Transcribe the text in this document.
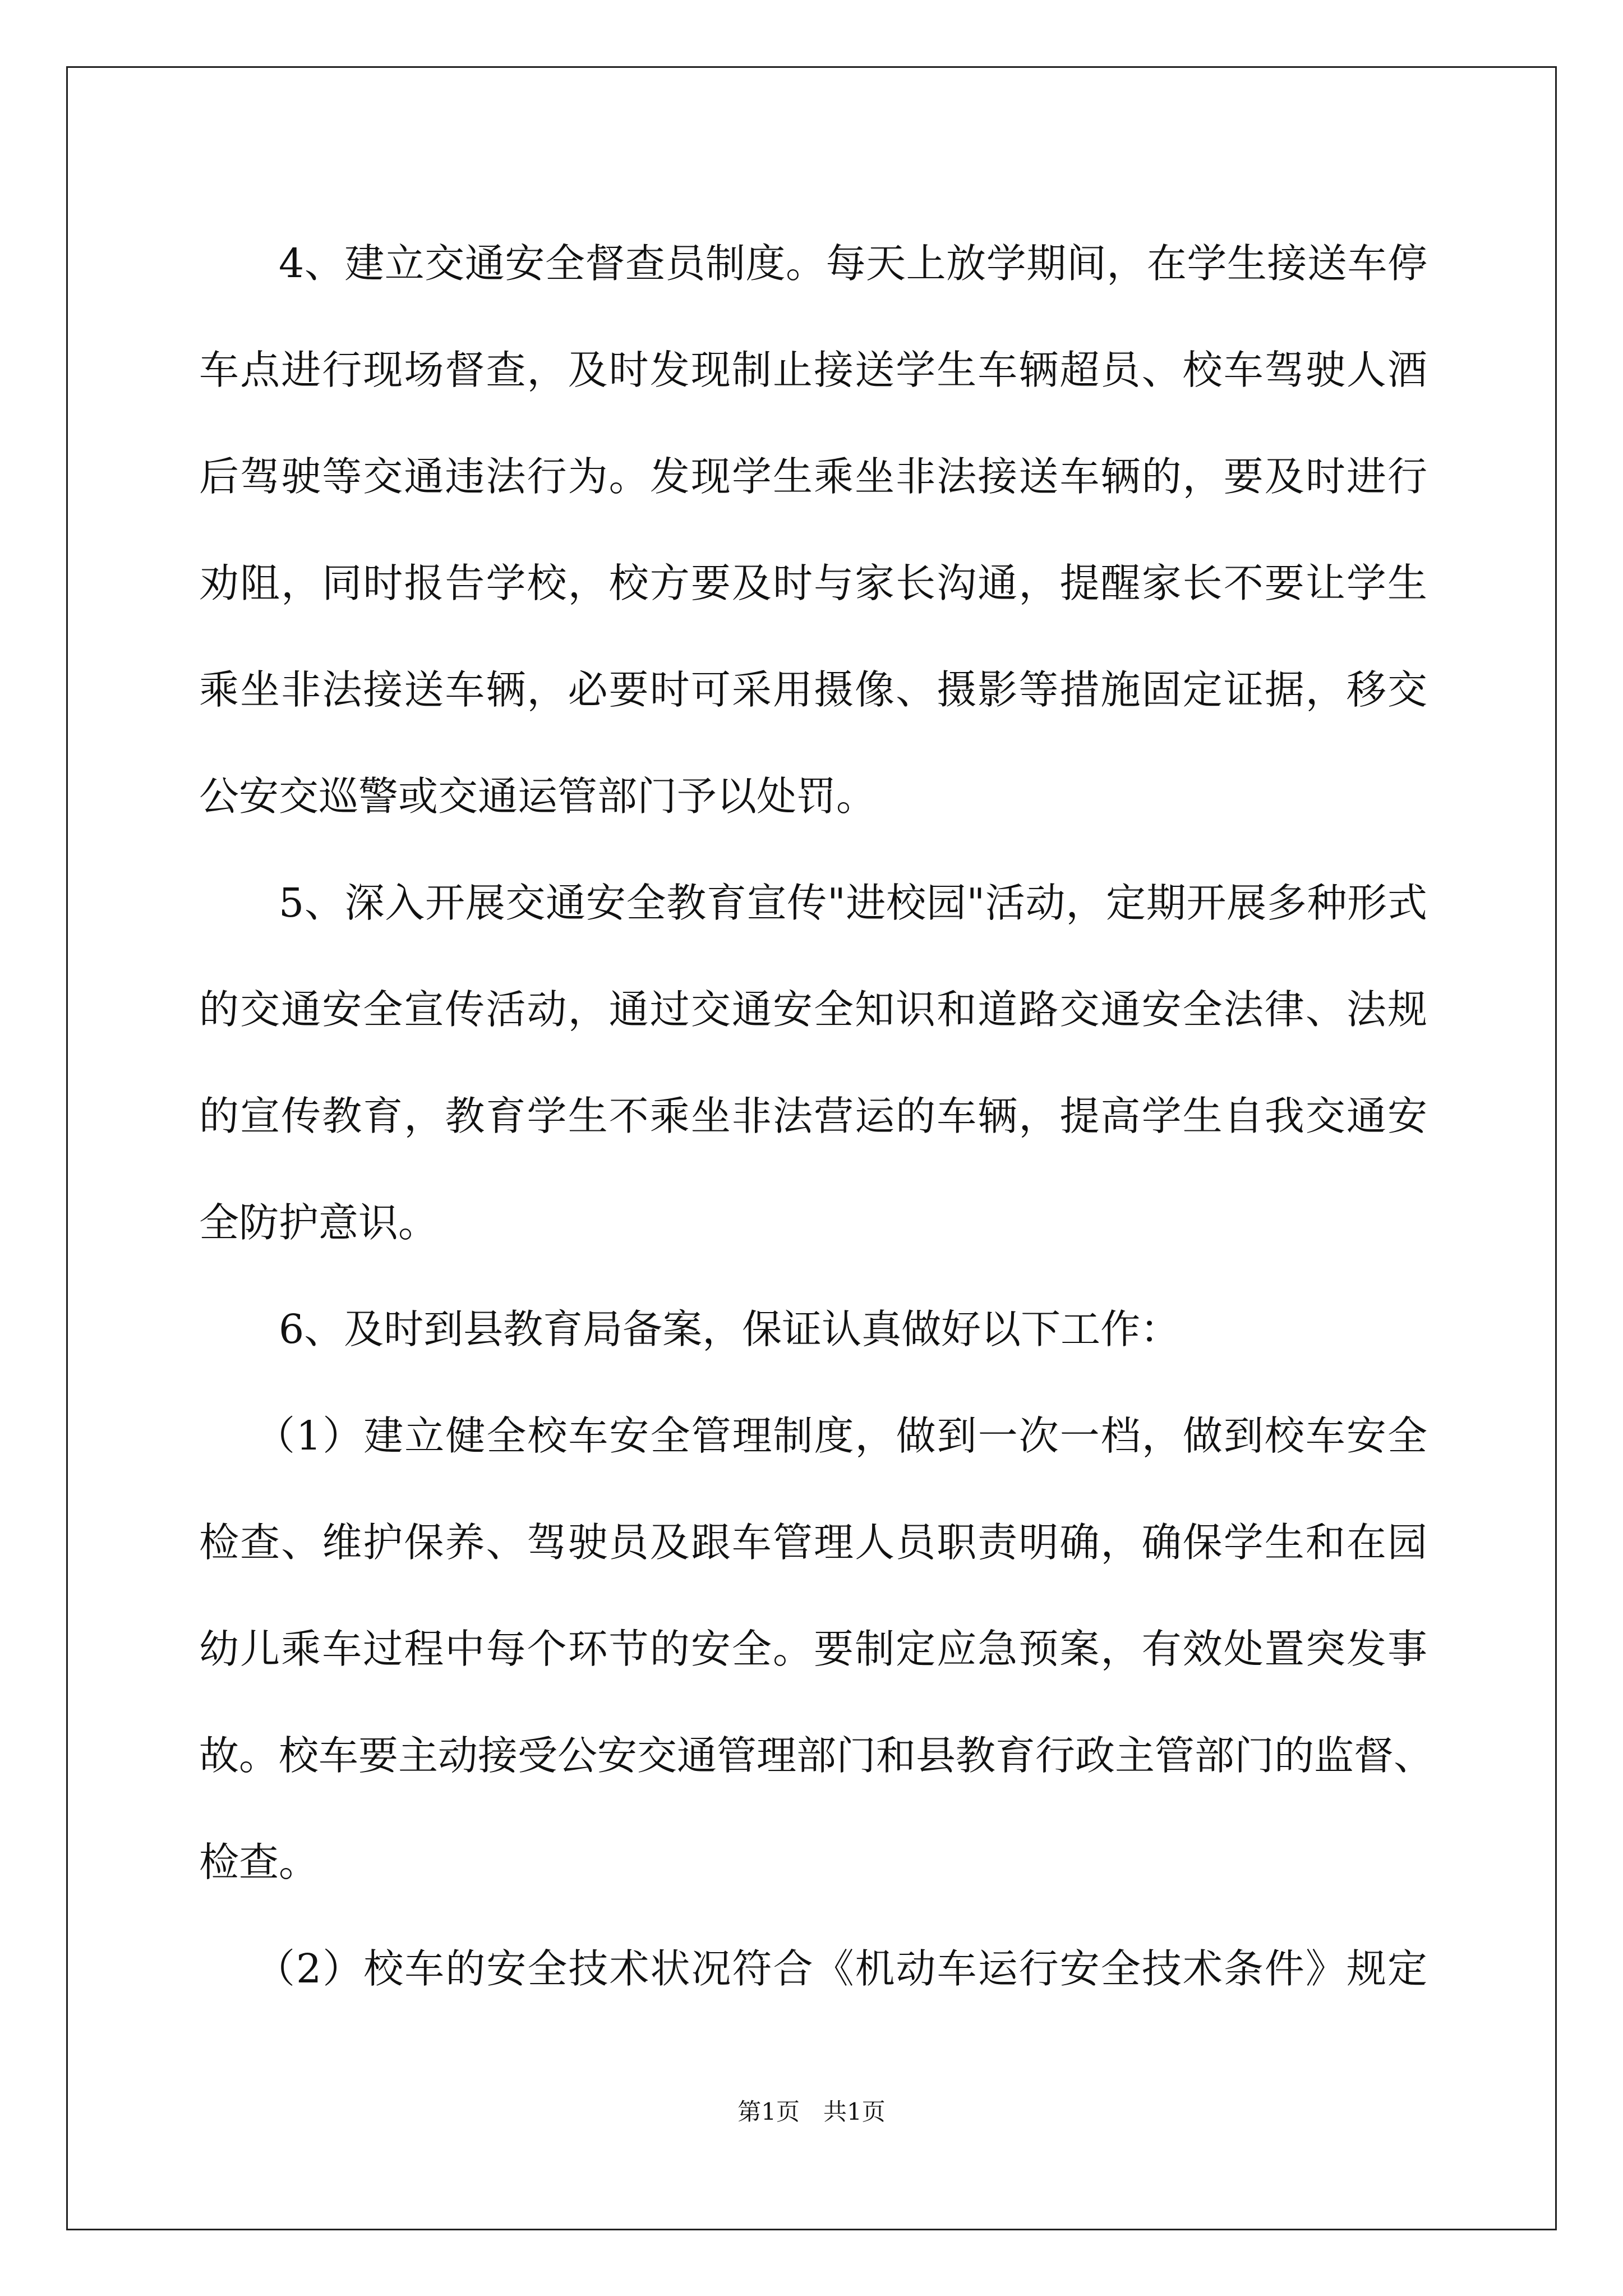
4、建立交通安全督查员制度。每天上放学期间，在学生接送车停
车点进行现场督查，及时发现制止接送学生车辆超员、校车驾驶人酒
后驾驶等交通违法行为。发现学生乘坐非法接送车辆的，要及时进行
劝阻，同时报告学校，校方要及时与家长沟通，提醒家长不要让学生
乘坐非法接送车辆，必要时可采用摄像、摄影等措施固定证据，移交
公安交巡警或交通运管部门予以处罚。
5、深入开展交通安全教育宣传"进校园"活动，定期开展多种形式
的交通安全宣传活动，通过交通安全知识和道路交通安全法律、法规
的宣传教育，教育学生不乘坐非法营运的车辆，提高学生自我交通安
全防护意识。
6、及时到县教育局备案，保证认真做好以下工作：
（1）建立健全校车安全管理制度，做到一次一档，做到校车安全
检查、维护保养、驾驶员及跟车管理人员职责明确，确保学生和在园
幼儿乘车过程中每个环节的安全。要制定应急预案，有效处置突发事
故。校车要主动接受公安交通管理部门和县教育行政主管部门的监督、
检查。
（2）校车的安全技术状况符合《机动车运行安全技术条件》规定
第1页　共1页
